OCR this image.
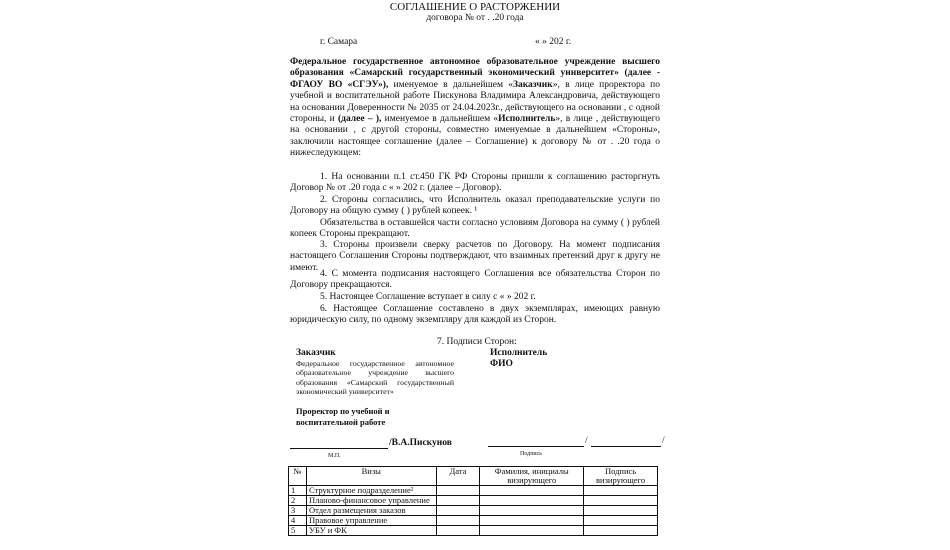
СОГЛАШЕНИЕ О РАСТОРЖЕНИИ
договора № от . .20 года
г. Самара	« » 202 г.
Федеральное государственное автономное образовательное учреждение высшего образования «Самарский государственный экономический университет» (далее - ФГАОУ ВО «СГЭУ»), именуемое в дальнейшем «Заказчик», в лице проректора по учебной и воспитательной работе Пискунова Владимира Александровича, действующего на основании Доверенности № 2035 от 24.04.2023г., действующего на основании , с одной стороны, и (далее – ), именуемое в дальнейшем «Исполнитель», в лице , действующего на основании , с другой стороны, совместно именуемые в дальнейшем «Стороны», заключили настоящее соглашение (далее – Соглашение) к договору № от . .20 года о нижеследующем:
1. На основании п.1 ст.450 ГК РФ Стороны пришли к соглашению расторгнуть Договор № от .20 года с « » 202 г. (далее – Договор).
2. Стороны согласились, что Исполнитель оказал преподавательские услуги по Договору на общую сумму ( ) рублей копеек. ¹
Обязательства в оставшейся части согласно условиям Договора на сумму ( ) рублей копеек Стороны прекращают.
3. Стороны произвели сверку расчетов по Договору. На момент подписания настоящего Соглашения Стороны подтверждают, что взаимных претензий друг к другу не имеют.
4. С момента подписания настоящего Соглашения все обязательства Сторон по Договору прекращаются.
5. Настоящее Соглашение вступает в силу с « » 202 г.
6. Настоящее Соглашение составлено в двух экземплярах, имеющих равную юридическую силу, по одному экземпляру для каждой из Сторон.
7. Подписи Сторон:
Заказчик
Федеральное государственное автономное образовательное учреждение высшего образования «Самарский государственный экономический университет»
Исполнитель
ФИО
Проректор по учебной и воспитательной работе
/В.А.Пискунов
М.П.
/	/
Подпись
№	Визы	Дата	Фамилия, инициалы визирующего	Подпись визирующего
1	Структурное подразделение²			
2	Планово-финансовое управление			
3	Отдел размещения заказов			
4	Правовое управление			
5	УБУ и ФК			
